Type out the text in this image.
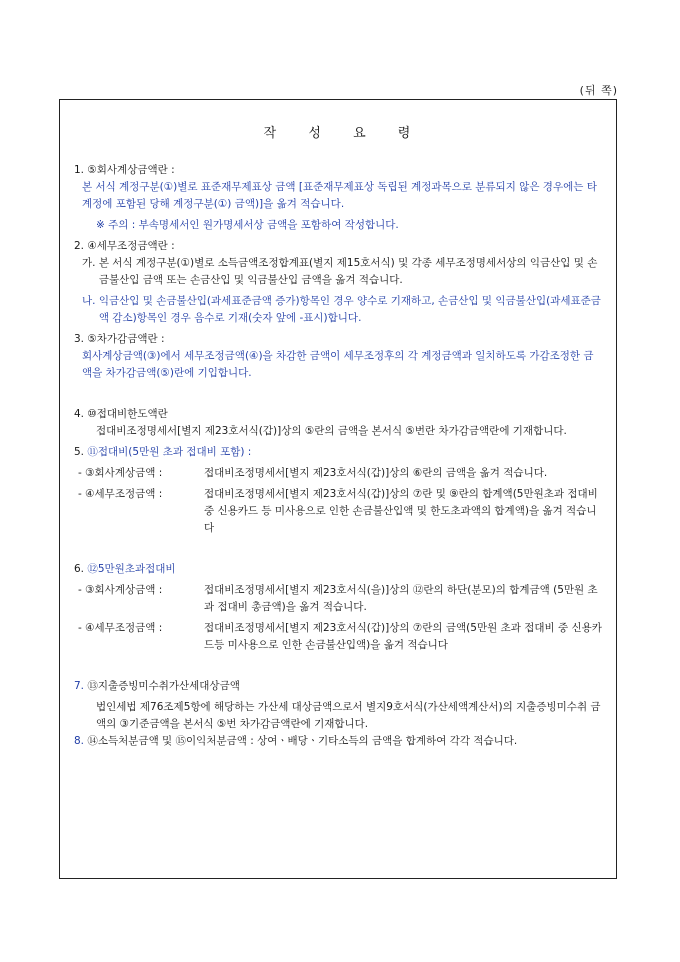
(뒤 쪽)
작 성 요 령

1. ⑤회사계상금액란 :

본 서식 계정구분(①)별로 표준재무제표상 금액 [표준재무제표상 독립된 계정과목으로 분류되지 않은 경우에는 타 계정에 포함된 당해 계정구분(①) 금액)]을 옮겨 적습니다.

※ 주의 : 부속명세서인 원가명세서상 금액을 포함하여 작성합니다.

2. ④세무조정금액란 :

가. 본 서식 계정구분(①)별로 소득금액조정합계표(별지 제15호서식) 및 각종 세무조정명세서상의 익금산입 및 손금불산입 금액 또는 손금산입 및 익금불산입 금액을 옮겨 적습니다.
나. 익금산입 및 손금불산입(과세표준금액 증가)항목인 경우 양수로 기재하고, 손금산입 및 익금불산입(과세표준금액 감소)항목인 경우 음수로 기재(숫자 앞에 -표시)합니다.

3. ⑤차가감금액란 :

회사계상금액(③)에서 세무조정금액(④)을 차감한 금액이 세무조정후의 각 계정금액과 일치하도록 가감조정한 금액을 차가감금액(⑤)란에 기입합니다.

4. ⑩접대비한도액란

접대비조정명세서[별지 제23호서식(갑)]상의 ⑤란의 금액을 본서식 ⑤번란 차가감금액란에 기재합니다.

5. ⑪접대비(5만원 초과 접대비 포함) :

- ③회사계상금액 :	접대비조정명세서[별지 제23호서식(갑)]상의 ⑥란의 금액을 옮겨 적습니다.
- ④세무조정금액 :	접대비조정명세서[별지 제23호서식(갑)]상의 ⑦란 및 ⑨란의 합계액(5만원초과 접대비 중 신용카드 등 미사용으로 인한 손금불산입액 및 한도초과액의 합계액)을 옮겨 적습니다

6. ⑫5만원초과접대비

- ③회사계상금액 :	접대비조정명세서[별지 제23호서식(을)]상의 ⑫란의 하단(분모)의 합계금액 (5만원 초과 접대비 총금액)을 옮겨 적습니다.
- ④세무조정금액 :	접대비조정명세서[별지 제23호서식(갑)]상의 ⑦란의 금액(5만원 초과 접대비 중 신용카드등 미사용으로 인한 손금불산입액)을 옮겨 적습니다

7. ⑬지출증빙미수취가산세대상금액

법인세법 제76조제5항에 해당하는 가산세 대상금액으로서 별지9호서식(가산세액계산서)의 지출증빙미수취 금액의 ③기준금액을 본서식 ⑤번 차가감금액란에 기재합니다.

8. ⑭소득처분금액 및 ⑮이익처분금액 : 상여ㆍ배당ㆍ기타소득의 금액을 합계하여 각각 적습니다.
